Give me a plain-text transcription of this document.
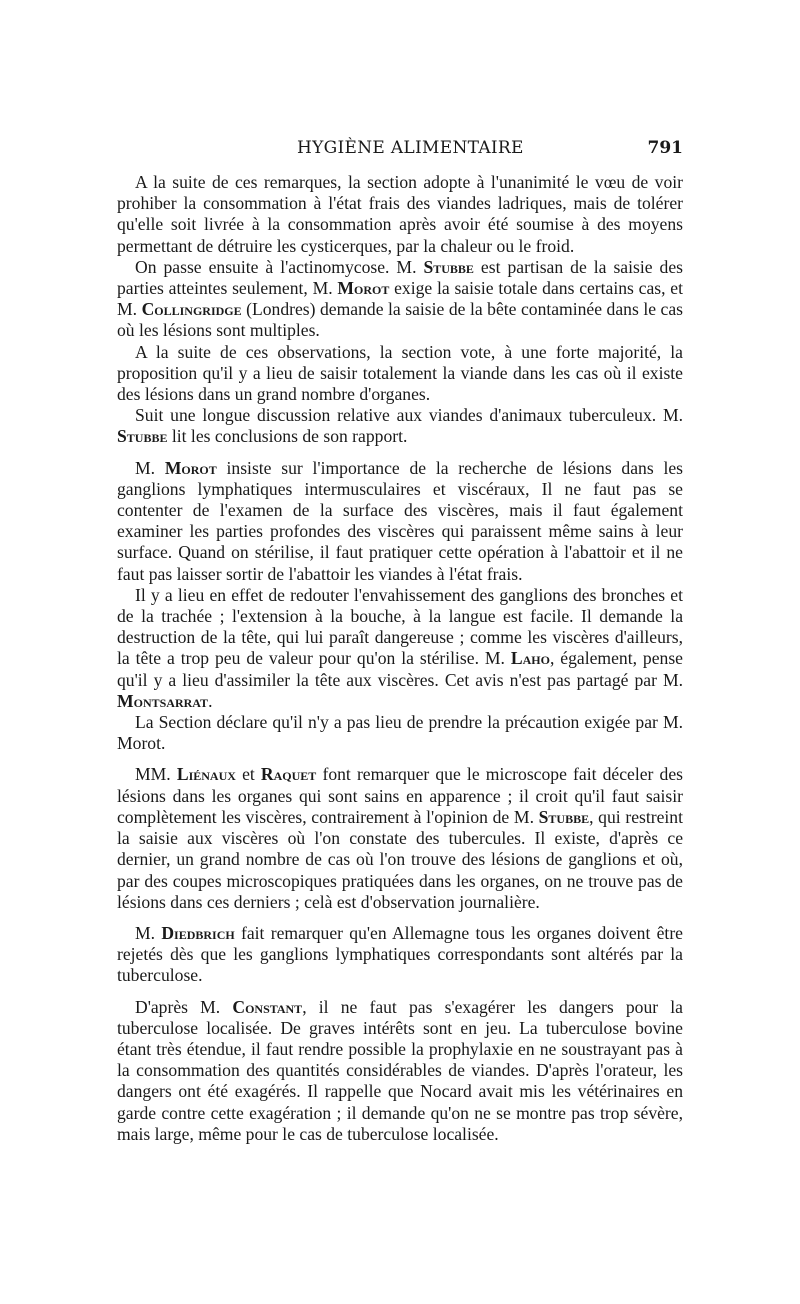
HYGIÈNE ALIMENTAIRE	791

A la suite de ces remarques, la section adopte à l'unanimité le vœu de voir prohiber la consommation à l'état frais des viandes ladriques, mais de tolérer qu'elle soit livrée à la consommation après avoir été soumise à des moyens permettant de détruire les cysticerques, par la chaleur ou le froid.

On passe ensuite à l'actinomycose. M. Stubbe est partisan de la saisie des parties atteintes seulement, M. Morot exige la saisie totale dans certains cas, et M. Collingridge (Londres) demande la saisie de la bête contaminée dans le cas où les lésions sont multiples.

A la suite de ces observations, la section vote, à une forte majorité, la proposition qu'il y a lieu de saisir totalement la viande dans les cas où il existe des lésions dans un grand nombre d'organes.

Suit une longue discussion relative aux viandes d'animaux tuberculeux. M. Stubbe lit les conclusions de son rapport.

M. Morot insiste sur l'importance de la recherche de lésions dans les ganglions lymphatiques intermusculaires et viscéraux, Il ne faut pas se contenter de l'examen de la surface des viscères, mais il faut également examiner les parties profondes des viscères qui paraissent même sains à leur surface. Quand on stérilise, il faut pratiquer cette opération à l'abattoir et il ne faut pas laisser sortir de l'abattoir les viandes à l'état frais.

Il y a lieu en effet de redouter l'envahissement des ganglions des bronches et de la trachée ; l'extension à la bouche, à la langue est facile. Il demande la destruction de la tête, qui lui paraît dangereuse ; comme les viscères d'ailleurs, la tête a trop peu de valeur pour qu'on la stérilise. M. Laho, également, pense qu'il y a lieu d'assimiler la tête aux viscères. Cet avis n'est pas partagé par M. Montsarrat.

La Section déclare qu'il n'y a pas lieu de prendre la précaution exigée par M. Morot.

MM. Liénaux et Raquet font remarquer que le microscope fait déceler des lésions dans les organes qui sont sains en apparence ; il croit qu'il faut saisir complètement les viscères, contrairement à l'opinion de M. Stubbe, qui restreint la saisie aux viscères où l'on constate des tubercules. Il existe, d'après ce dernier, un grand nombre de cas où l'on trouve des lésions de ganglions et où, par des coupes microscopiques pratiquées dans les organes, on ne trouve pas de lésions dans ces derniers ; celà est d'observation journalière.

M. Diedbrich fait remarquer qu'en Allemagne tous les organes doivent être rejetés dès que les ganglions lymphatiques correspondants sont altérés par la tuberculose.

D'après M. Constant, il ne faut pas s'exagérer les dangers pour la tuberculose localisée. De graves intérêts sont en jeu. La tuberculose bovine étant très étendue, il faut rendre possible la prophylaxie en ne soustrayant pas à la consommation des quantités considérables de viandes. D'après l'orateur, les dangers ont été exagérés. Il rappelle que Nocard avait mis les vétérinaires en garde contre cette exagération ; il demande qu'on ne se montre pas trop sévère, mais large, même pour le cas de tuberculose localisée.
